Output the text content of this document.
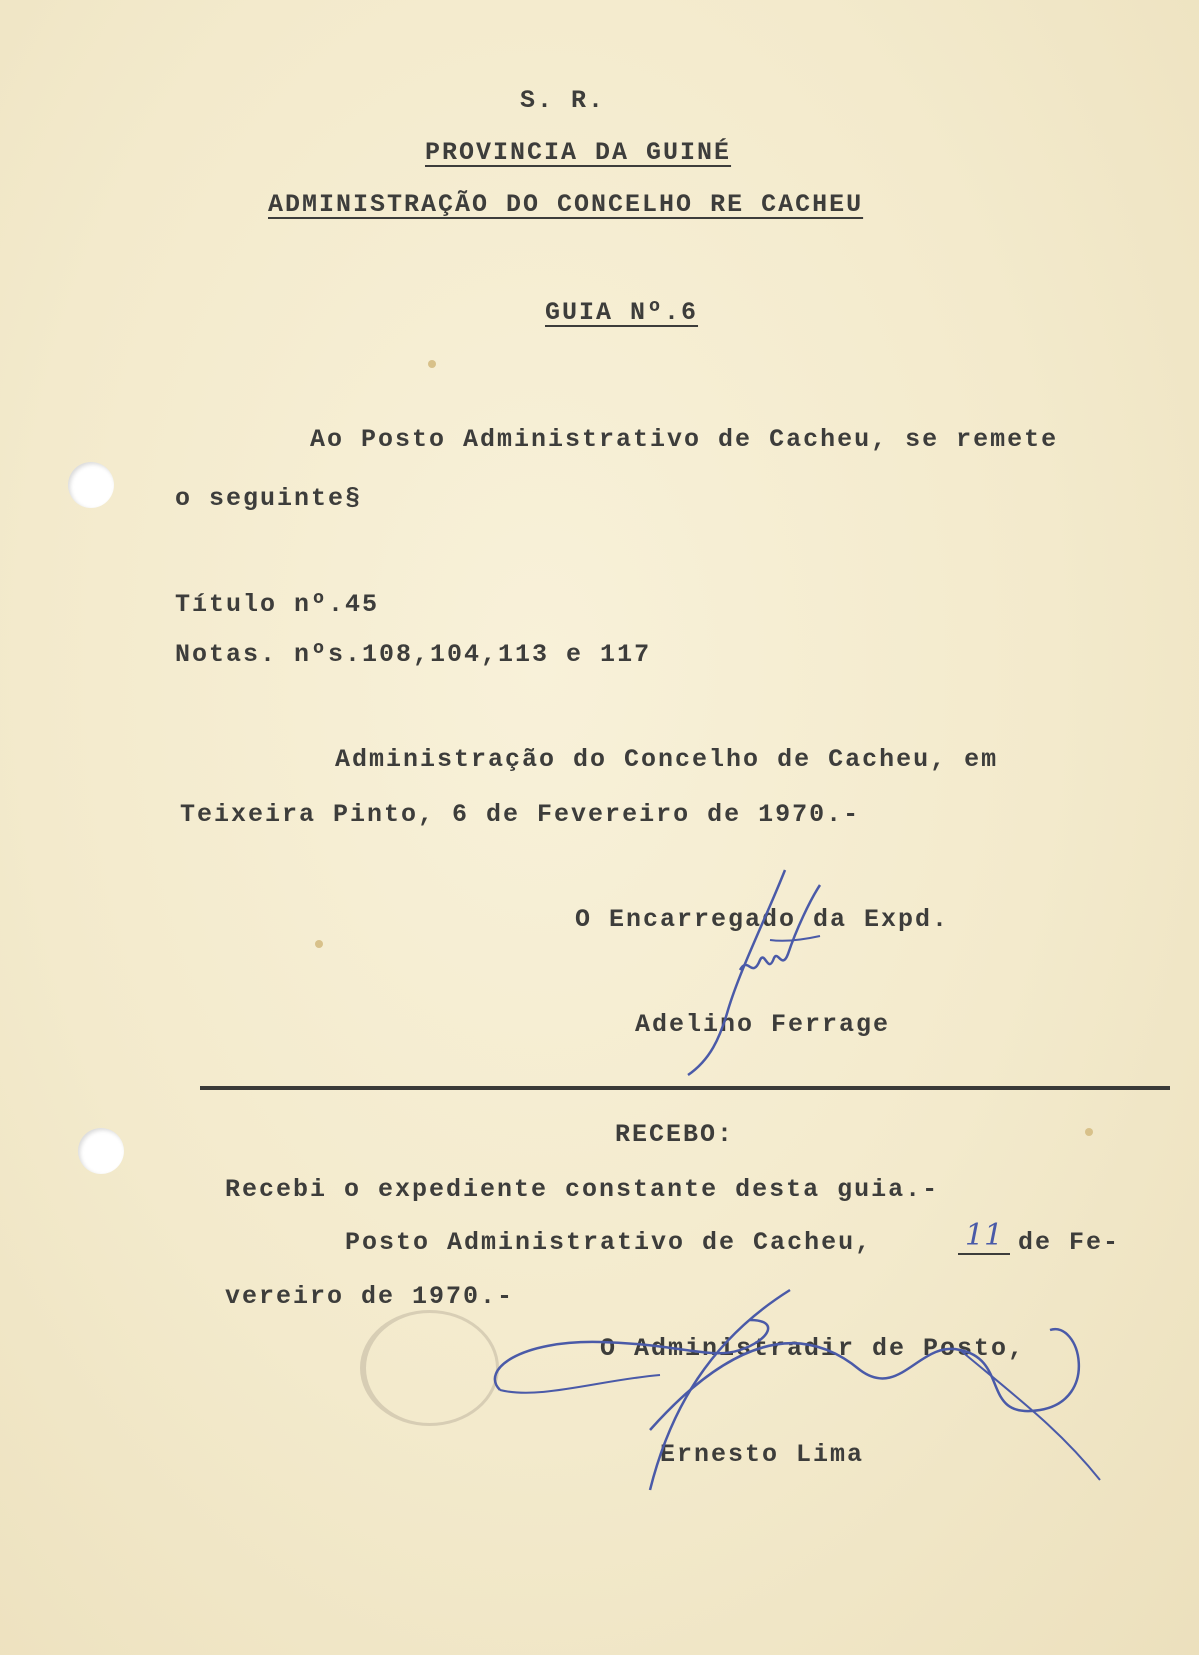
S. R.
PROVINCIA DA GUINÉ
ADMINISTRAÇÃO DO CONCELHO RE CACHEU
GUIA Nº.6
Ao Posto Administrativo de Cacheu, se remete
o seguinte§
Título nº.45
Notas. nºs.108,104,113 e 117
Administração do Concelho de Cacheu, em
Teixeira Pinto, 6 de Fevereiro de 1970.-
O Encarregado da Expd.
Adelino Ferrage
RECEBO:
Recebi o expediente constante desta guia.-
Posto Administrativo de Cacheu,	11 de Fe-
vereiro de 1970.-
O Administradir de Posto,
Ernesto Lima
